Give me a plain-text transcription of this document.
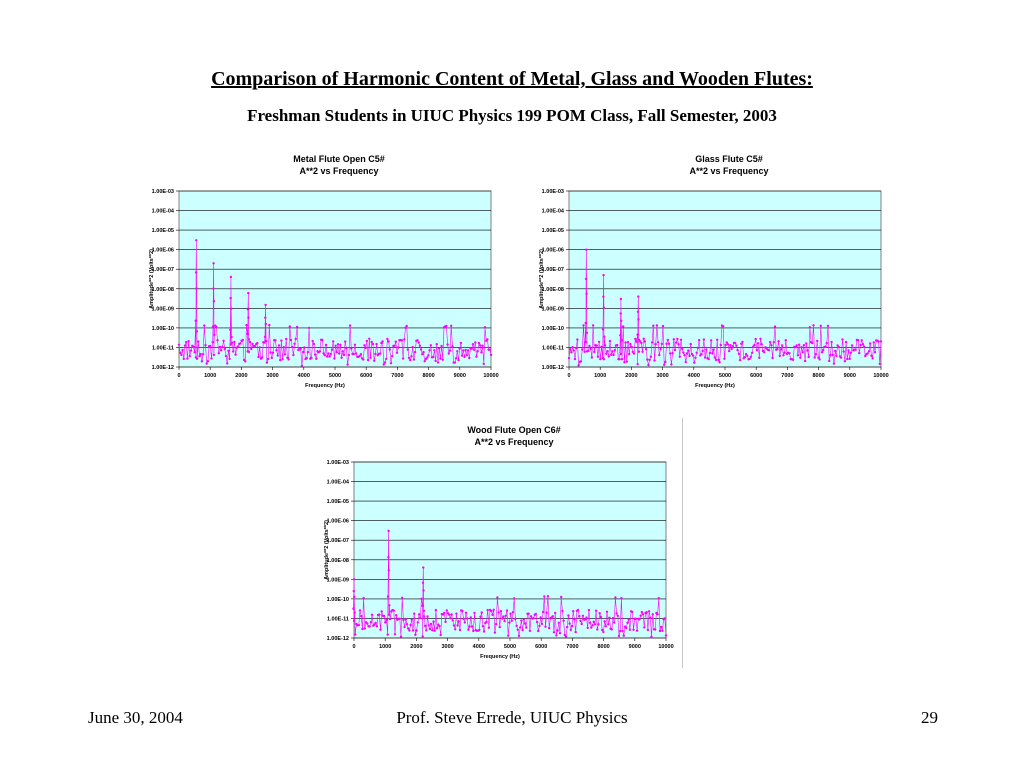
Comparison of Harmonic Content of Metal, Glass and Wooden Flutes:
Freshman Students in UIUC Physics 199 POM Class, Fall Semester, 2003
Metal Flute Open C5#
A**2 vs Frequency
1.00E-12
1.00E-11
1.00E-10
1.00E-09
1.00E-08
1.00E-07
1.00E-06
1.00E-05
1.00E-04
1.00E-03
0	1000	2000	3000	4000	5000	6000	7000	8000	9000	10000
Frequency (Hz)
Amplitude**2 (Volts**2)
Glass Flute C5#
A**2 vs Frequency
1.00E-12
1.00E-11
1.00E-10
1.00E-09
1.00E-08
1.00E-07
1.00E-06
1.00E-05
1.00E-04
1.00E-03
0	1000	2000	3000	4000	5000	6000	7000	8000	9000	10000
Frequency (Hz)
Amplitude**2 (Volts**2)
Wood Flute Open C6#
A**2 vs Frequency
1.00E-12
1.00E-11
1.00E-10
1.00E-09
1.00E-08
1.00E-07
1.00E-06
1.00E-05
1.00E-04
1.00E-03
0	1000	2000	3000	4000	5000	6000	7000	8000	9000	10000
Frequency (Hz)
Amplitude**2 (Volts**2)
June 30, 2004	Prof. Steve Errede, UIUC Physics	29
